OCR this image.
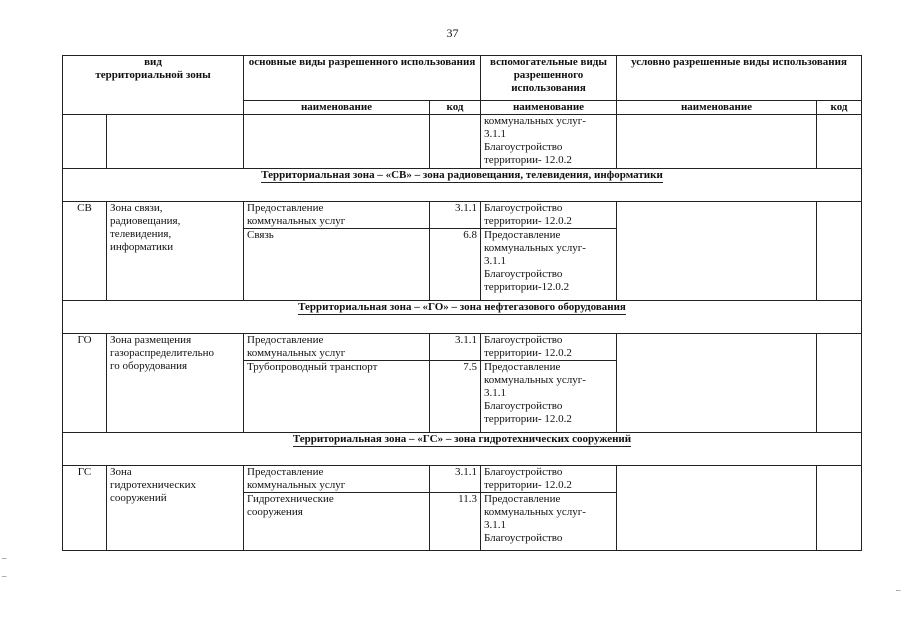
37
вид
территориальной зоны		основные виды разрешенного использования		вспомогательные виды разрешенного использования	условно разрешенные виды использования	
		наименование	код	наименование	наименование	код

				коммунальных услуг-
3.1.1
Благоустройство
территории- 12.0.2		

Территориальная зона – «СВ» – зона радиовещания, телевидения, информатики						
СВ	Зона связи,
радиовещания,
телевидения,
информатики	Предоставление
коммунальных услуг	3.1.1	Благоустройство
территории- 12.0.2		

		Связь	6.8	Предоставление
коммунальных услуг-
3.1.1
Благоустройство
территории-12.0.2		

Территориальная зона – «ГО» – зона нефтегазового оборудования						
ГО	Зона размещения
газораспределительно
го оборудования	Предоставление
коммунальных услуг	3.1.1	Благоустройство
территории- 12.0.2		

		Трубопроводный транспорт	7.5	Предоставление
коммунальных услуг-
3.1.1
Благоустройство
территории- 12.0.2		

Территориальная зона – «ГС» – зона гидротехнических сооружений						
ГС	Зона
гидротехнических
сооружений	Предоставление
коммунальных услуг	3.1.1	Благоустройство
территории- 12.0.2		

		Гидротехнические
сооружения	11.3	Предоставление
коммунальных услуг-
3.1.1
Благоустройство		
–
–
–
